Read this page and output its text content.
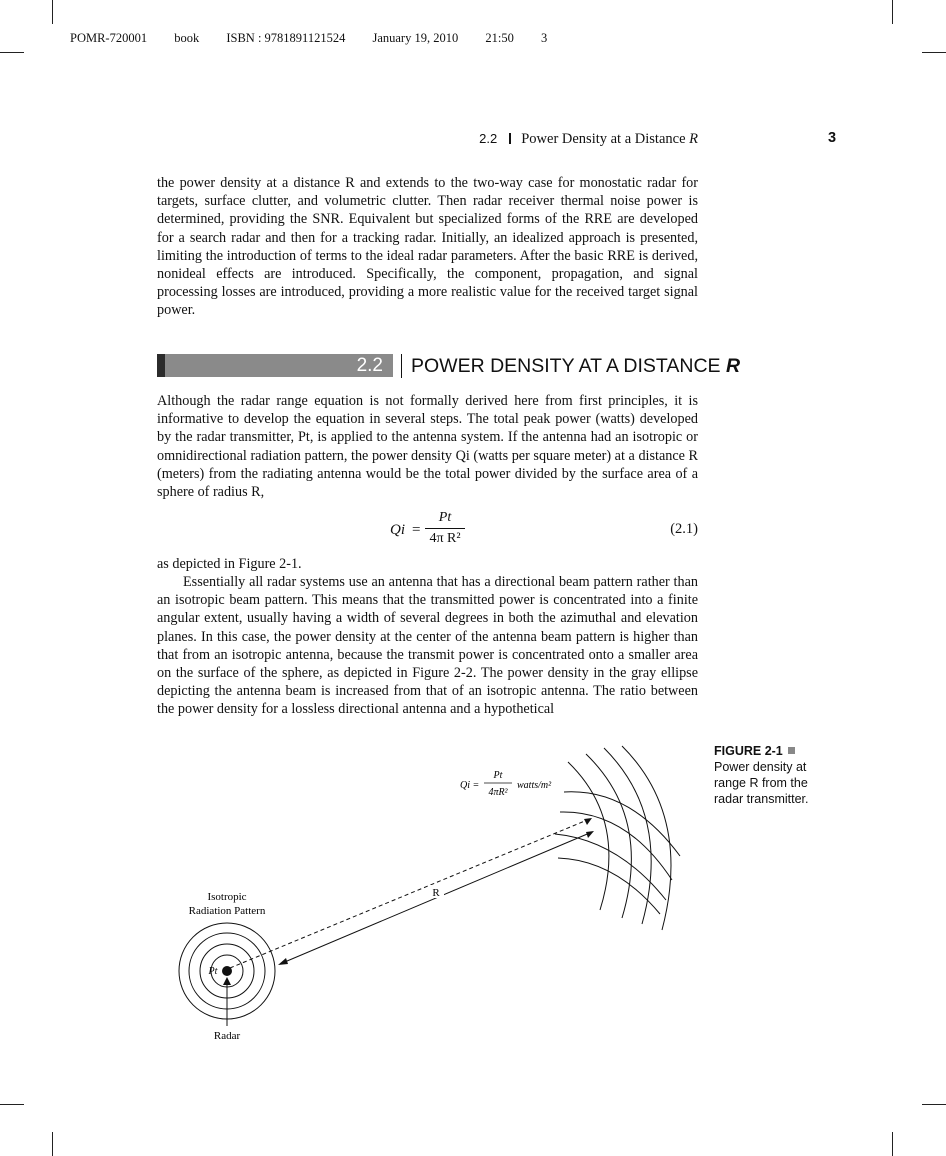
POMR-720001 book ISBN : 9781891121524 January 19, 2010 21:50 3
2.2 Power Density at a Distance R	3

the power density at a distance R and extends to the two-way case for monostatic radar for targets, surface clutter, and volumetric clutter. Then radar receiver thermal noise power is determined, providing the SNR. Equivalent but specialized forms of the RRE are developed for a search radar and then for a tracking radar. Initially, an idealized approach is presented, limiting the introduction of terms to the ideal radar parameters. After the basic RRE is derived, nonideal effects are introduced. Specifically, the component, propagation, and signal processing losses are introduced, providing a more realistic value for the received target signal power.

2.2 POWER DENSITY AT A DISTANCE R

Although the radar range equation is not formally derived here from first principles, it is informative to develop the equation in several steps. The total peak power (watts) developed by the radar transmitter, Pt, is applied to the antenna system. If the antenna had an isotropic or omnidirectional radiation pattern, the power density Qi (watts per square meter) at a distance R (meters) from the radiating antenna would be the total power divided by the surface area of a sphere of radius R,

Qi =
Pt
4π R²
(2.1)

as depicted in Figure 2-1.

Essentially all radar systems use an antenna that has a directional beam pattern rather than an isotropic beam pattern. This means that the transmitted power is concentrated into a finite angular extent, usually having a width of several degrees in both the azimuthal and elevation planes. In this case, the power density at the center of the antenna beam pattern is higher than that from an isotropic antenna, because the transmit power is concentrated onto a smaller area on the surface of the sphere, as depicted in Figure 2-2. The power density in the gray ellipse depicting the antenna beam is increased from that of an isotropic antenna. The ratio between the power density for a lossless directional antenna and a hypothetical

R
Isotropic
Radiation Pattern
Pt
Radar
Qi =
Pt
4πR²
watts/m²
FIGURE 2-1
Power density at range R from the radar transmitter.
